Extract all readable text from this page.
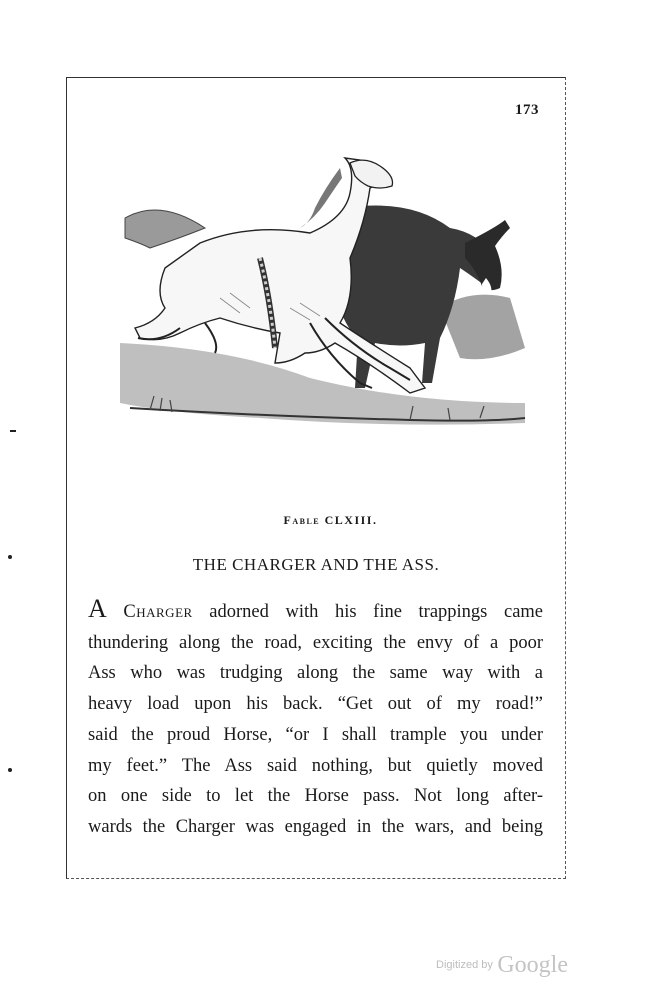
173
Fable CLXIII.
THE CHARGER AND THE ASS.
A Charger adorned with his fine trappings came
thundering along the road, exciting the envy of a poor
Ass who was trudging along the same way with a
heavy load upon his back. “Get out of my road!”
said the proud Horse, “or I shall trample you under
my feet.” The Ass said nothing, but quietly moved
on one side to let the Horse pass. Not long after-
wards the Charger was engaged in the wars, and being
$^{Digitized by}$ Google
